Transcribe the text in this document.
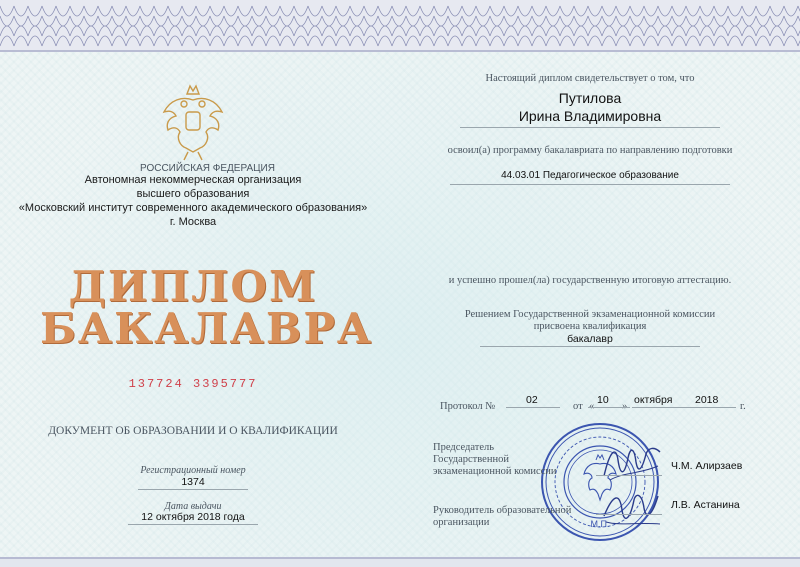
РОССИЙСКАЯ ФЕДЕРАЦИЯ
Автономная некоммерческая организация
высшего образования
«Московский институт современного академического образования»
г. Москва
ДИПЛОМ
БАКАЛАВРА
137724 3395777
ДОКУМЕНТ ОБ ОБРАЗОВАНИИ И О КВАЛИФИКАЦИИ
Регистрационный номер
1374
Дата выдачи
12 октября 2018 года
Настоящий диплом свидетельствует о том, что
Путилова
Ирина Владимировна
освоил(а) программу бакалавриата по направлению подготовки
44.03.01 Педагогическое образование
и успешно прошел(ла) государственную итоговую аттестацию.
Решением Государственной экзаменационной комиссии
присвоена квалификация
бакалавр
Протокол №
02
от
10 октября 2018
г.
М.П.
Председатель
Государственной
экзаменационной комиссии	Ч.М. Алирзаев
Руководитель образовательной
организации
Л.В. Астанина
